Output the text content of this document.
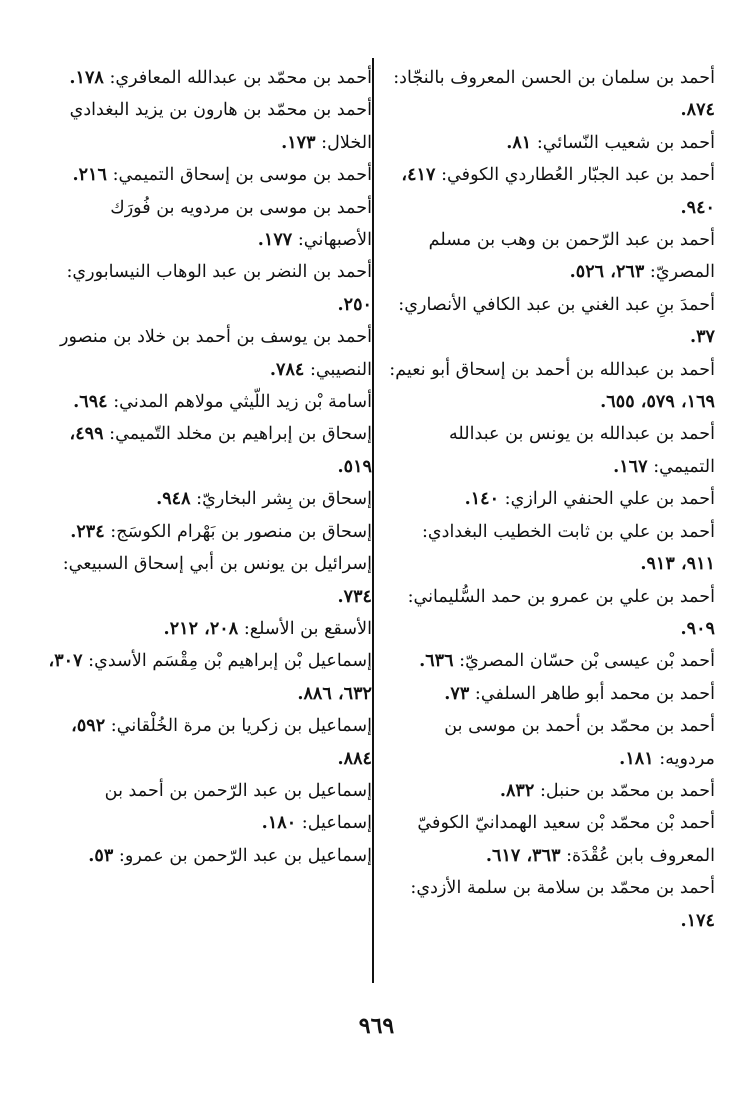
أحمد بن سلمان بن الحسن المعروف بالنجّاد: ٨٧٤.
أحمد بن شعيب النّسائي: ٨١.
أحمد بن عبد الجبّار العُطاردي الكوفي: ٤١٧، ٩٤٠.
أحمد بن عبد الرّحمن بن وهب بن مسلم المصريّ: ٢٦٣، ٥٢٦.
أحمدَ بنِ عبد الغني بن عبد الكافي الأنصاري: ٣٧.
أحمد بن عبدالله بن أحمد بن إسحاق أبو نعيم: ١٦٩، ٥٧٩، ٦٥٥.
أحمد بن عبدالله بن يونس بن عبدالله التميمي: ١٦٧.
أحمد بن علي الحنفي الرازي: ١٤٠.
أحمد بن علي بن ثابت الخطيب البغدادي: ٩١١، ٩١٣.
أحمد بن علي بن عمرو بن حمد السُّليماني: ٩٠٩.
أحمد بْن عيسى بْن حسّان المصريّ: ٦٣٦.
أحمد بن محمد أبو طاهر السلفي: ٧٣.
أحمد بن محمّد بن أحمد بن موسى بن مردويه: ١٨١.
أحمد بن محمّد بن حنبل: ٨٣٢.
أحمد بْن محمّد بْن سعيد الهمدانيّ الكوفيّ المعروف بابن عُقْدَة: ٣٦٣، ٦١٧.
أحمد بن محمّد بن سلامة بن سلمة الأزدي: ١٧٤.
أحمد بن محمّد بن عبدالله المعافري: ١٧٨.
أحمد بن محمّد بن هارون بن يزيد البغدادي الخلال: ١٧٣.
أحمد بن موسى بن إسحاق التميمي: ٢١٦.
أحمد بن موسى بن مردويه بن فُورَك الأصبهاني: ١٧٧.
أحمد بن النضر بن عبد الوهاب النيسابوري: ٢٥٠.
أحمد بن يوسف بن أحمد بن خلاد بن منصور النصيبي: ٧٨٤.
أسامة بْن زيد اللّيثي مولاهم المدني: ٦٩٤.
إسحاق بن إبراهيم بن مخلد التّميمي: ٤٩٩، ٥١٩.
إسحاق بن بِشر البخاريّ: ٩٤٨.
إسحاق بن منصور بن بَهْرام الكوسَج: ٢٣٤.
إسرائيل بن يونس بن أبي إسحاق السبيعي: ٧٣٤.
الأسقع بن الأسلع: ٢٠٨، ٢١٢.
إسماعيل بْن إبراهيم بْن مِقْسَم الأسدي: ٣٠٧، ٦٣٢، ٨٨٦.
إسماعيل بن زكريا بن مرة الخُلْقاني: ٥٩٢، ٨٨٤.
إسماعيل بن عبد الرّحمن بن أحمد بن إسماعيل: ١٨٠.
إسماعيل بن عبد الرّحمن بن عمرو: ٥٣.
٩٦٩
